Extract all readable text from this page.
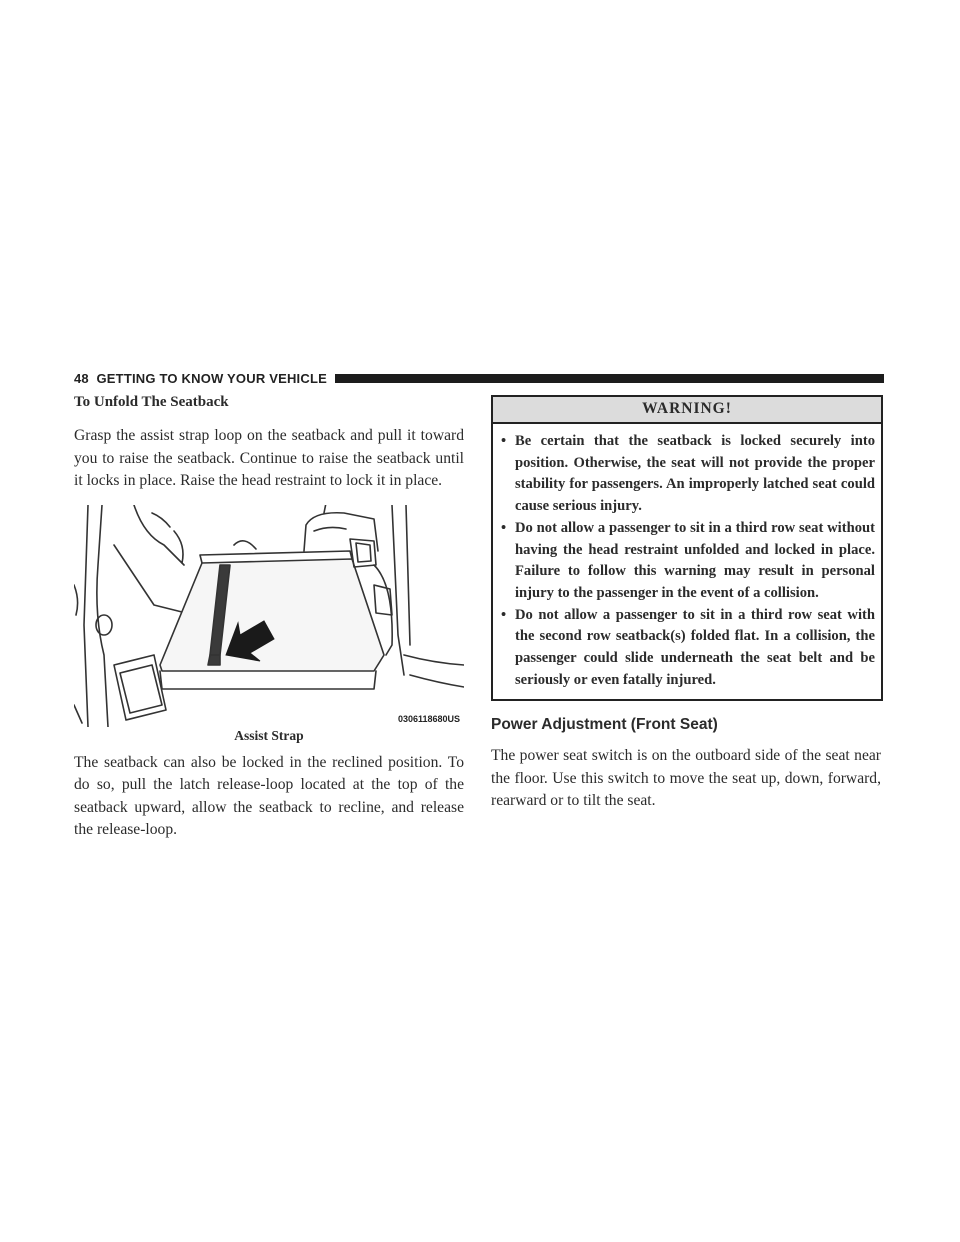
48 GETTING TO KNOW YOUR VEHICLE

To Unfold The Seatback

Grasp the assist strap loop on the seatback and pull it toward you to raise the seatback. Continue to raise the seatback until it locks in place. Raise the head restraint to lock it in place.

0306118680US

Assist Strap

The seatback can also be locked in the reclined position. To do so, pull the latch release-loop located at the top of the seatback upward, allow the seatback to recline, and release the release-loop.

WARNING!
• Be certain that the seatback is locked securely into position. Otherwise, the seat will not provide the proper stability for passengers. An improperly latched seat could cause serious injury.
• Do not allow a passenger to sit in a third row seat without having the head restraint unfolded and locked in place. Failure to follow this warning may result in personal injury to the passenger in the event of a collision.
• Do not allow a passenger to sit in a third row seat with the second row seatback(s) folded flat. In a collision, the passenger could slide underneath the seat belt and be seriously or even fatally injured.

Power Adjustment (Front Seat)

The power seat switch is on the outboard side of the seat near the floor. Use this switch to move the seat up, down, forward, rearward or to tilt the seat.
